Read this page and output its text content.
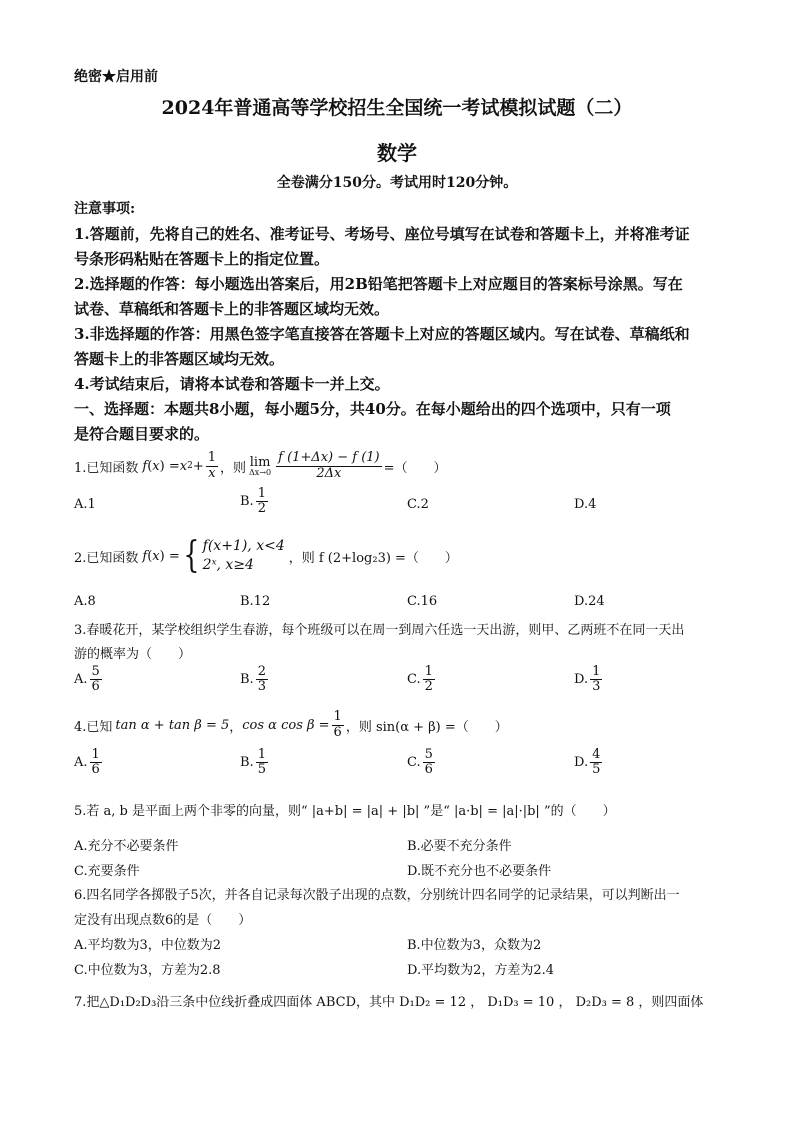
绝密★启用前
2024年普通高等学校招生全国统一考试模拟试题（二）
数学
全卷满分150分。考试用时120分钟。
注意事项:
1.答题前，先将自己的姓名、准考证号、考场号、座位号填写在试卷和答题卡上，并将准考证
号条形码粘贴在答题卡上的指定位置。
2.选择题的作答：每小题选出答案后，用2B铅笔把答题卡上对应题目的答案标号涂黑。写在
试卷、草稿纸和答题卡上的非答题区域均无效。
3.非选择题的作答：用黑色签字笔直接答在答题卡上对应的答题区域内。写在试卷、草稿纸和
答题卡上的非答题区域均无效。
4.考试结束后，请将本试卷和答题卡一并上交。
一、选择题：本题共8小题，每小题5分，共40分。在每小题给出的四个选项中，只有一项
是符合题目要求的。
1.已知函数 f ( x ) = x $2 + \frac{1}{x}$ ，则 lim
$\Delta x\to 0 \frac{f (1+\Delta x) - f (1)}{2\Delta x}$ =（　　）
A.1	B. $\frac{1}{2}$	C.2	D.4
2.已知函数 f ( x ) = { f(x+1), x<4
2ˣ, x≥4	，则 f (2+log₂3) =（　　）
A.8	B.12	C.16	D.24
3.春暖花开，某学校组织学生春游，每个班级可以在周一到周六任选一天出游，则甲、乙两班不在同一天出
游的概率为（　　）
A. $\frac{5}{6}$	B. $\frac{2}{3}$	C. $\frac{1}{2}$	D. $\frac{1}{3}$
4.已知 tan α + tan β = 5 ， cos α $\cos \beta = \frac{1}{6}$ ，则 sin(α + β) =（　　）
A. $\frac{1}{6}$	B. $\frac{1}{5}$	C. $\frac{5}{6}$	D. $\frac{4}{5}$
5.若 a, b 是平面上两个非零的向量，则“ |a+b| = |a| + |b| ”是“ |a·b| = |a|·|b| ”的（　　）
A.充分不必要条件	B.必要不充分条件
C.充要条件	D.既不充分也不必要条件
6.四名同学各掷骰子5次，并各自记录每次骰子出现的点数，分别统计四名同学的记录结果，可以判断出一
定没有出现点数6的是（　　）
A.平均数为3，中位数为2	B.中位数为3，众数为2
C.中位数为3，方差为2.8	D.平均数为2，方差为2.4
7.把△D₁D₂D₃沿三条中位线折叠成四面体 ABCD，其中 D₁D₂ = 12 ， D₁D₃ = 10 ， D₂D₃ = 8 ，则四面体
